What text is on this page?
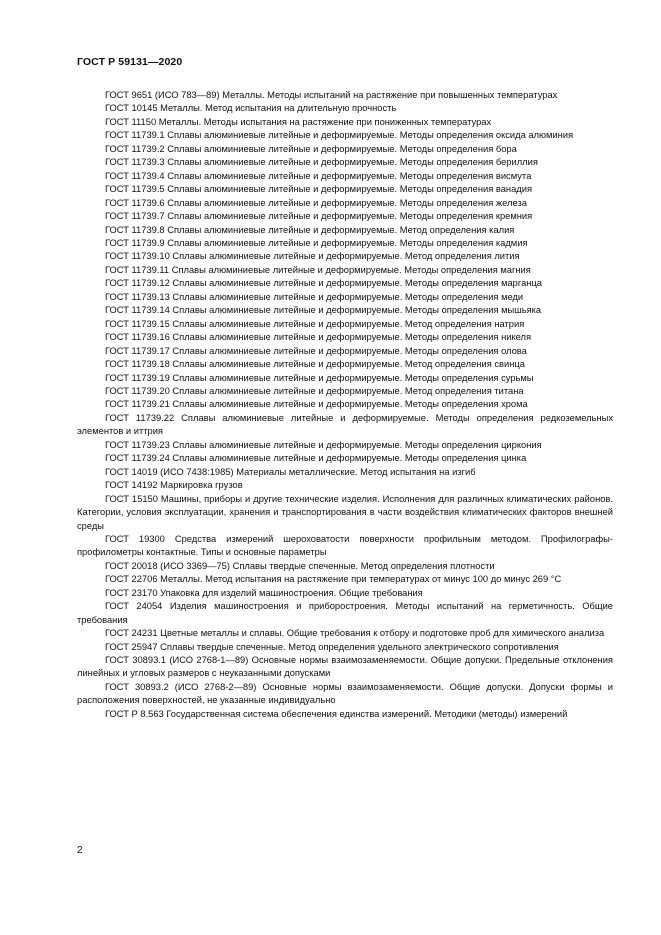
ГОСТ Р 59131—2020

ГОСТ 9651 (ИСО 783—89) Металлы. Методы испытаний на растяжение при повышенных температурах

ГОСТ 10145 Металлы. Метод испытания на длительную прочность

ГОСТ 11150 Металлы. Методы испытания на растяжение при пониженных температурах

ГОСТ 11739.1 Сплавы алюминиевые литейные и деформируемые. Методы определения оксида алюминия

ГОСТ 11739.2 Сплавы алюминиевые литейные и деформируемые. Методы определения бора

ГОСТ 11739.3 Сплавы алюминиевые литейные и деформируемые. Методы определения бериллия

ГОСТ 11739.4 Сплавы алюминиевые литейные и деформируемые. Методы определения висмута

ГОСТ 11739.5 Сплавы алюминиевые литейные и деформируемые. Методы определения ванадия

ГОСТ 11739.6 Сплавы алюминиевые литейные и деформируемые. Методы определения железа

ГОСТ 11739.7 Сплавы алюминиевые литейные и деформируемые. Методы определения кремния

ГОСТ 11739.8 Сплавы алюминиевые литейные и деформируемые. Метод определения калия

ГОСТ 11739.9 Сплавы алюминиевые литейные и деформируемые. Методы определения кадмия

ГОСТ 11739.10 Сплавы алюминиевые литейные и деформируемые. Метод определения лития

ГОСТ 11739.11 Сплавы алюминиевые литейные и деформируемые. Методы определения магния

ГОСТ 11739.12 Сплавы алюминиевые литейные и деформируемые. Методы определения марганца

ГОСТ 11739.13 Сплавы алюминиевые литейные и деформируемые. Методы определения меди

ГОСТ 11739.14 Сплавы алюминиевые литейные и деформируемые. Методы определения мышьяка

ГОСТ 11739.15 Сплавы алюминиевые литейные и деформируемые. Метод определения натрия

ГОСТ 11739.16 Сплавы алюминиевые литейные и деформируемые. Методы определения никеля

ГОСТ 11739.17 Сплавы алюминиевые литейные и деформируемые. Методы определения олова

ГОСТ 11739.18 Сплавы алюминиевые литейные и деформируемые. Метод определения свинца

ГОСТ 11739.19 Сплавы алюминиевые литейные и деформируемые. Методы определения сурьмы

ГОСТ 11739.20 Сплавы алюминиевые литейные и деформируемые. Метод определения титана

ГОСТ 11739.21 Сплавы алюминиевые литейные и деформируемые. Методы определения хрома

ГОСТ 11739.22 Сплавы алюминиевые литейные и деформируемые. Методы определения редкоземельных элементов и иттрия

ГОСТ 11739.23 Сплавы алюминиевые литейные и деформируемые. Методы определения циркония

ГОСТ 11739.24 Сплавы алюминиевые литейные и деформируемые. Методы определения цинка

ГОСТ 14019 (ИСО 7438:1985) Материалы металлические. Метод испытания на изгиб

ГОСТ 14192 Маркировка грузов

ГОСТ 15150 Машины, приборы и другие технические изделия. Исполнения для различных климатических районов. Категории, условия эксплуатации, хранения и транспортирования в части воздействия климатических факторов внешней среды

ГОСТ 19300 Средства измерений шероховатости поверхности профильным методом. Профилографы-профилометры контактные. Типы и основные параметры

ГОСТ 20018 (ИСО 3369—75) Сплавы твердые спеченные. Метод определения плотности

ГОСТ 22706 Металлы. Метод испытания на растяжение при температурах от минус 100 до минус 269 °С

ГОСТ 23170 Упаковка для изделий машиностроения. Общие требования

ГОСТ 24054 Изделия машиностроения и приборостроения. Методы испытаний на герметичность. Общие требования

ГОСТ 24231 Цветные металлы и сплавы. Общие требования к отбору и подготовке проб для химического анализа

ГОСТ 25947 Сплавы твердые спеченные. Метод определения удельного электрического сопротивления

ГОСТ 30893.1 (ИСО 2768-1—89) Основные нормы взаимозаменяемости. Общие допуски. Предельные отклонения линейных и угловых размеров с неуказанными допусками

ГОСТ 30893.2 (ИСО 2768-2—89) Основные нормы взаимозаменяемости. Общие допуски. Допуски формы и расположения поверхностей, не указанные индивидуально

ГОСТ Р 8.563 Государственная система обеспечения единства измерений. Методики (методы) измерений

2
